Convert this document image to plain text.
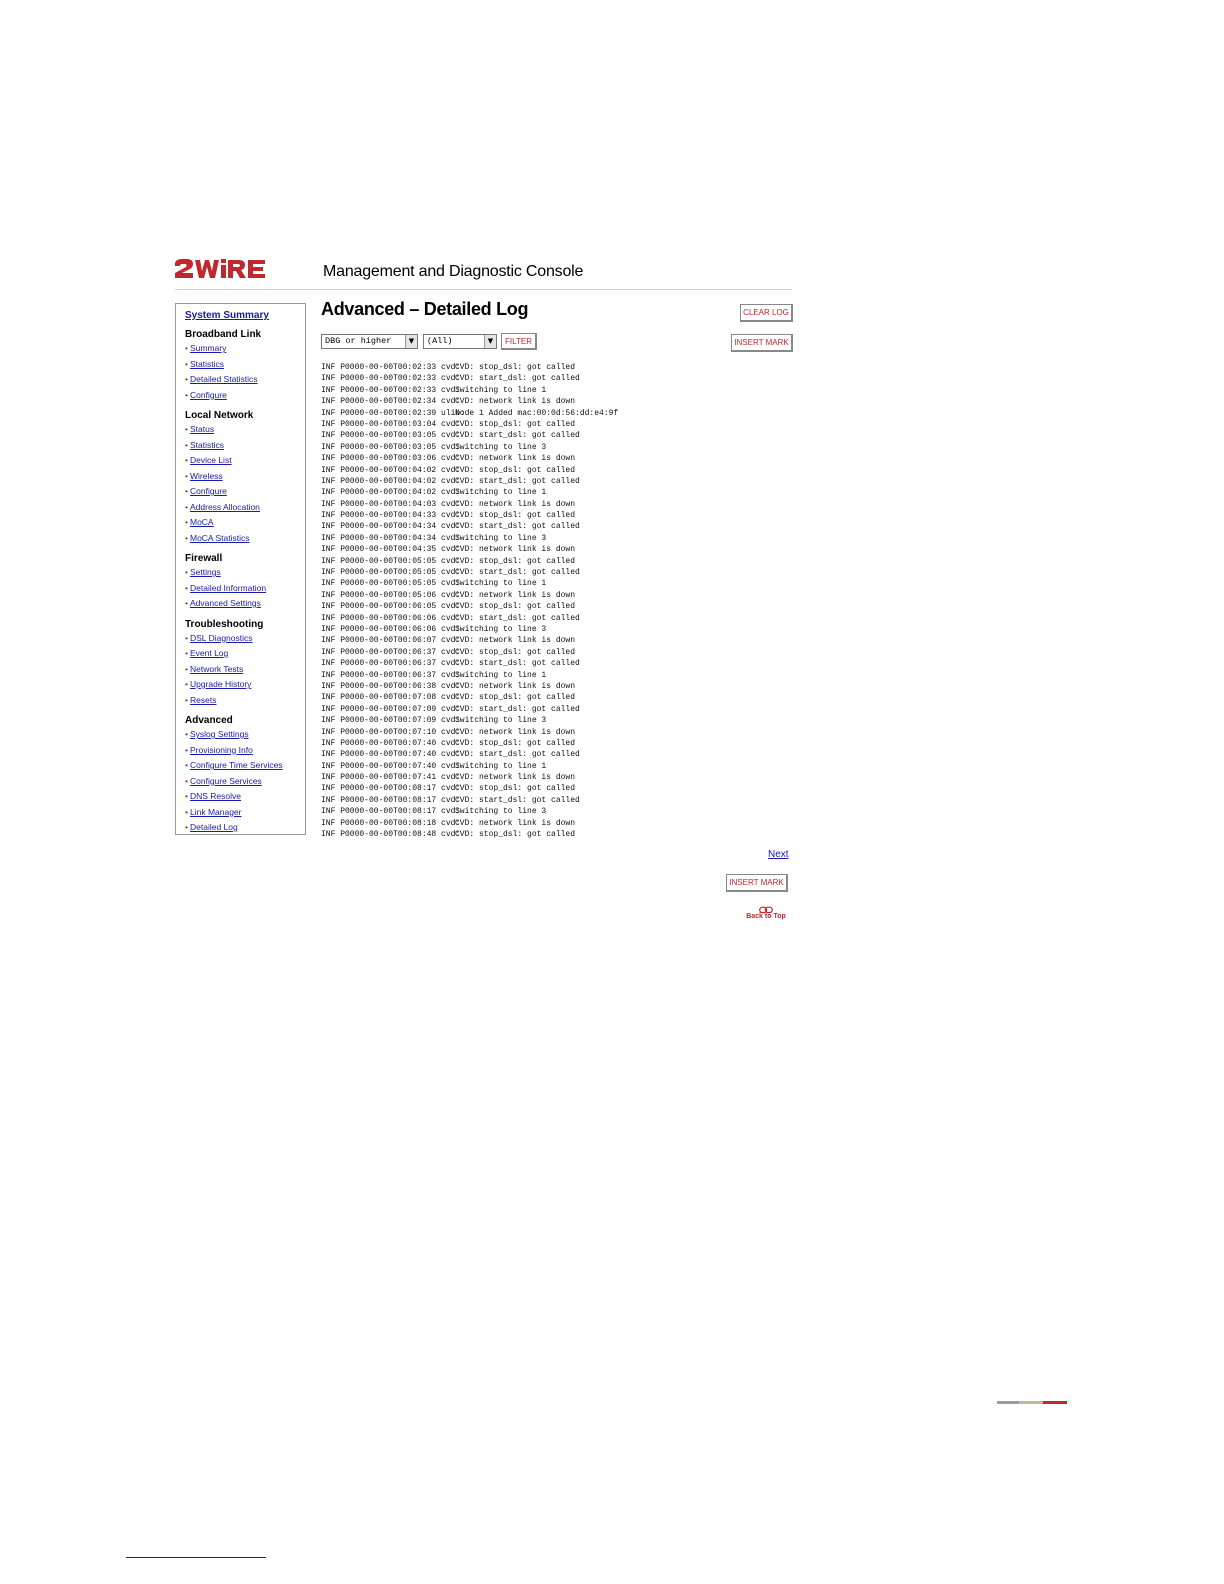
Management and Diagnostic Console
System Summary
Broadband Link
• Summary
• Statistics
• Detailed Statistics
• Configure
Local Network
• Status
• Statistics
• Device List
• Wireless
• Configure
• Address Allocation
• MoCA
• MoCA Statistics
Firewall
• Settings
• Detailed Information
• Advanced Settings
Troubleshooting
• DSL Diagnostics
• Event Log
• Network Tests
• Upgrade History
• Resets
Advanced
• Syslog Settings
• Provisioning Info
• Configure Time Services
• Configure Services
• DNS Resolve
• Link Manager
• Detailed Log
Advanced – Detailed Log	CLEAR LOG
INSERT MARK
DBG or higher	▼	(All)	▼	FILTER
INF P0000-00-00T00:02:33 cvd:CVD: stop_dsl: got called
INF P0000-00-00T00:02:33 cvd:CVD: start_dsl: got called
INF P0000-00-00T00:02:33 cvd:Switching to line 1
INF P0000-00-00T00:02:34 cvd:CVD: network link is down
INF P0000-00-00T00:02:39 ulib:Node 1 Added mac:00:0d:56:dd:e4:9f
INF P0000-00-00T00:03:04 cvd:CVD: stop_dsl: got called
INF P0000-00-00T00:03:05 cvd:CVD: start_dsl: got called
INF P0000-00-00T00:03:05 cvd:Switching to line 3
INF P0000-00-00T00:03:06 cvd:CVD: network link is down
INF P0000-00-00T00:04:02 cvd:CVD: stop_dsl: got called
INF P0000-00-00T00:04:02 cvd:CVD: start_dsl: got called
INF P0000-00-00T00:04:02 cvd:Switching to line 1
INF P0000-00-00T00:04:03 cvd:CVD: network link is down
INF P0000-00-00T00:04:33 cvd:CVD: stop_dsl: got called
INF P0000-00-00T00:04:34 cvd:CVD: start_dsl: got called
INF P0000-00-00T00:04:34 cvd:Switching to line 3
INF P0000-00-00T00:04:35 cvd:CVD: network link is down
INF P0000-00-00T00:05:05 cvd:CVD: stop_dsl: got called
INF P0000-00-00T00:05:05 cvd:CVD: start_dsl: got called
INF P0000-00-00T00:05:05 cvd:Switching to line 1
INF P0000-00-00T00:05:06 cvd:CVD: network link is down
INF P0000-00-00T00:06:05 cvd:CVD: stop_dsl: got called
INF P0000-00-00T00:06:06 cvd:CVD: start_dsl: got called
INF P0000-00-00T00:06:06 cvd:Switching to line 3
INF P0000-00-00T00:06:07 cvd:CVD: network link is down
INF P0000-00-00T00:06:37 cvd:CVD: stop_dsl: got called
INF P0000-00-00T00:06:37 cvd:CVD: start_dsl: got called
INF P0000-00-00T00:06:37 cvd:Switching to line 1
INF P0000-00-00T00:06:38 cvd:CVD: network link is down
INF P0000-00-00T00:07:08 cvd:CVD: stop_dsl: got called
INF P0000-00-00T00:07:09 cvd:CVD: start_dsl: got called
INF P0000-00-00T00:07:09 cvd:Switching to line 3
INF P0000-00-00T00:07:10 cvd:CVD: network link is down
INF P0000-00-00T00:07:40 cvd:CVD: stop_dsl: got called
INF P0000-00-00T00:07:40 cvd:CVD: start_dsl: got called
INF P0000-00-00T00:07:40 cvd:Switching to line 1
INF P0000-00-00T00:07:41 cvd:CVD: network link is down
INF P0000-00-00T00:08:17 cvd:CVD: stop_dsl: got called
INF P0000-00-00T00:08:17 cvd:CVD: start_dsl: got called
INF P0000-00-00T00:08:17 cvd:Switching to line 3
INF P0000-00-00T00:08:18 cvd:CVD: network link is down
INF P0000-00-00T00:08:48 cvd:CVD: stop_dsl: got called
Next
INSERT MARK
Back to Top
